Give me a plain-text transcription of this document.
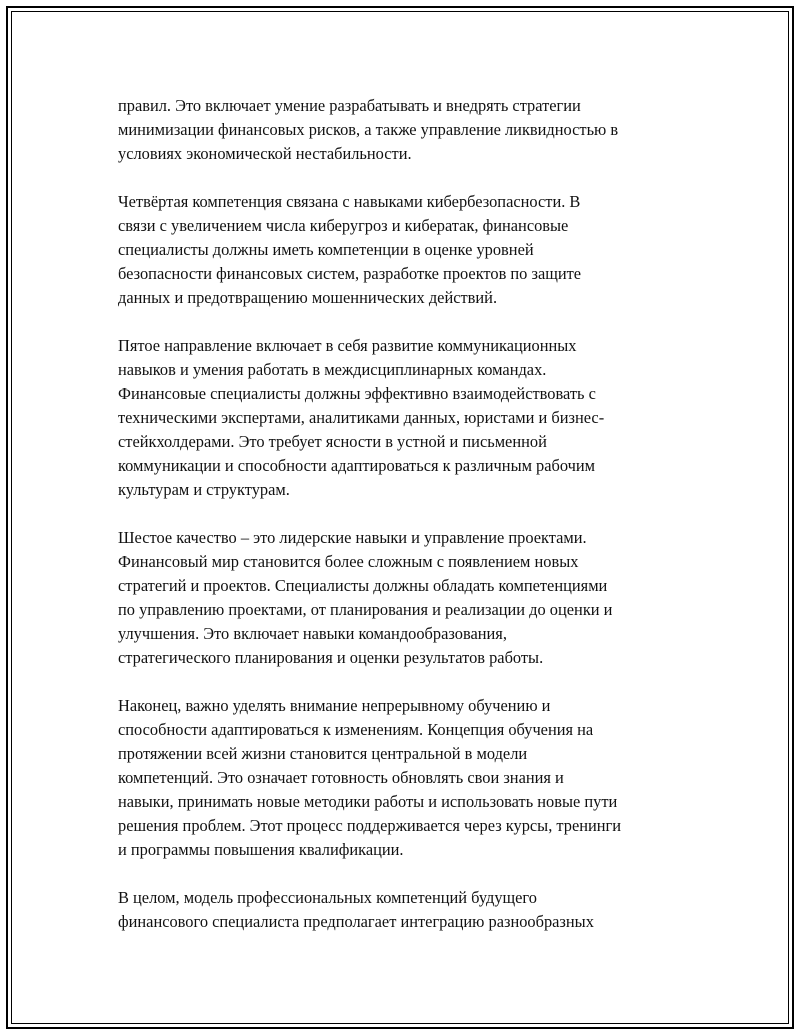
правил. Это включает умение разрабатывать и внедрять стратегии
минимизации финансовых рисков, а также управление ликвидностью в
условиях экономической нестабильности.

Четвёртая компетенция связана с навыками кибербезопасности. В
связи с увеличением числа киберугроз и кибератак, финансовые
специалисты должны иметь компетенции в оценке уровней
безопасности финансовых систем, разработке проектов по защите
данных и предотвращению мошеннических действий.

Пятое направление включает в себя развитие коммуникационных
навыков и умения работать в междисциплинарных командах.
Финансовые специалисты должны эффективно взаимодействовать с
техническими экспертами, аналитиками данных, юристами и бизнес-
стейкхолдерами. Это требует ясности в устной и письменной
коммуникации и способности адаптироваться к различным рабочим
культурам и структурам.

Шестое качество – это лидерские навыки и управление проектами.
Финансовый мир становится более сложным с появлением новых
стратегий и проектов. Специалисты должны обладать компетенциями
по управлению проектами, от планирования и реализации до оценки и
улучшения. Это включает навыки командообразования,
стратегического планирования и оценки результатов работы.

Наконец, важно уделять внимание непрерывному обучению и
способности адаптироваться к изменениям. Концепция обучения на
протяжении всей жизни становится центральной в модели
компетенций. Это означает готовность обновлять свои знания и
навыки, принимать новые методики работы и использовать новые пути
решения проблем. Этот процесс поддерживается через курсы, тренинги
и программы повышения квалификации.

В целом, модель профессиональных компетенций будущего
финансового специалиста предполагает интеграцию разнообразных
